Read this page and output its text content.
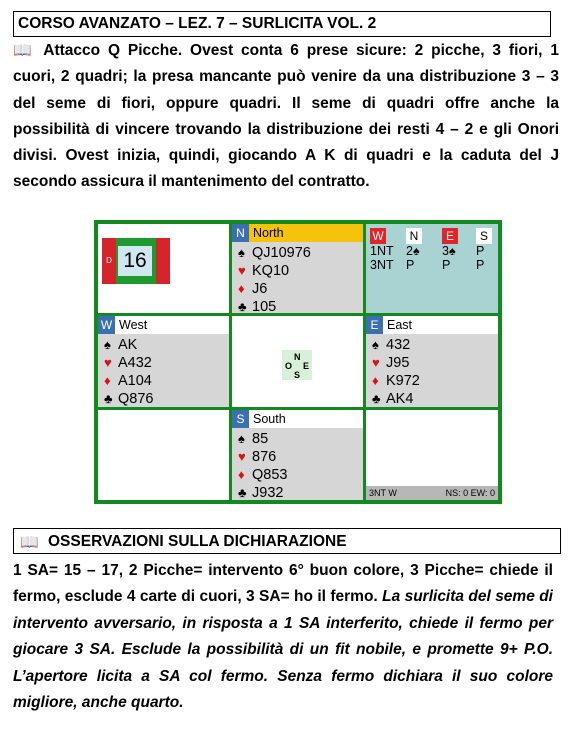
CORSO AVANZATO – LEZ. 7 – SURLICITA VOL. 2

📖 Attacco Q Picche. Ovest conta 6 prese sicure: 2 picche, 3 fiori, 1 cuori, 2 quadri; la presa mancante può venire da una distribuzione 3 – 3 del seme di fiori, oppure quadri. Il seme di quadri offre anche la possibilità di vincere trovando la distribuzione dei resti 4 – 2 e gli Onori divisi. Ovest inizia, quindi, giocando A K di quadri e la caduta del J secondo assicura il mantenimento del contratto.

D 16
N North
♠ QJ10976
♥ KQ10
♦ J6
♣ 105
W	N	E	S
1NT 2♠	3♠	P
3NT P	P	P
W West
♠ AK
♥ A432
♦ A104
♣ Q876
N
O E
S
E East
♠ 432
♥ J95
♦ K972
♣ AK4
S South
♠ 85
♥ 876
♦ Q853
♣ J932	3NT W	NS: 0 EW: 0
📖 OSSERVAZIONI SULLA DICHIARAZIONE
1 SA= 15 – 17, 2 Picche= intervento 6° buon colore, 3 Picche= chiede il fermo, esclude 4 carte di cuori, 3 SA= ho il fermo. La surlicita del seme di intervento avversario, in risposta a 1 SA interferito, chiede il fermo per giocare 3 SA. Esclude la possibilità di un fit nobile, e promette 9+ P.O. L’apertore licita a SA col fermo. Senza fermo dichiara il suo colore migliore, anche quarto.
